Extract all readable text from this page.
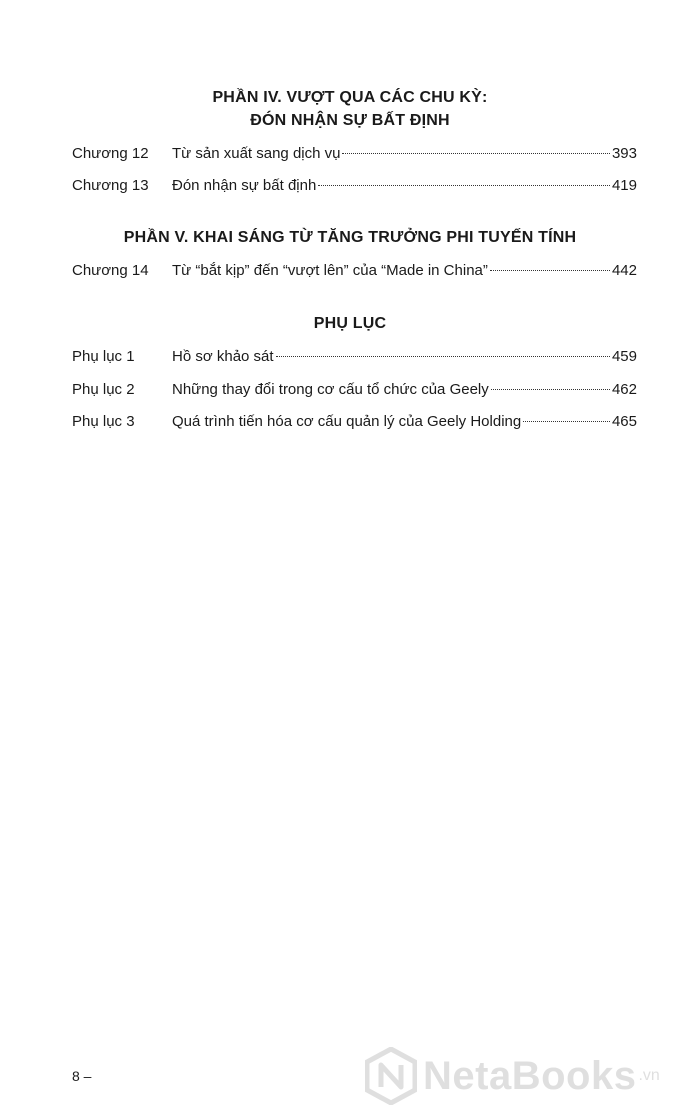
PHẦN IV. VƯỢT QUA CÁC CHU KỲ:
ĐÓN NHẬN SỰ BẤT ĐỊNH
Chương 12	Từ sản xuất sang dịch vụ	393
Chương 13	Đón nhận sự bất định	419
PHẦN V. KHAI SÁNG TỪ TĂNG TRƯỞNG PHI TUYẾN TÍNH
Chương 14	Từ “bắt kịp” đến “vượt lên” của “Made in China”	442
PHỤ LỤC
Phụ lục 1	Hồ sơ khảo sát	459
Phụ lục 2	Những thay đổi trong cơ cấu tổ chức của Geely	462
Phụ lục 3	Quá trình tiến hóa cơ cấu quản lý của Geely Holding	465
8 –	NetaBooks .vn
